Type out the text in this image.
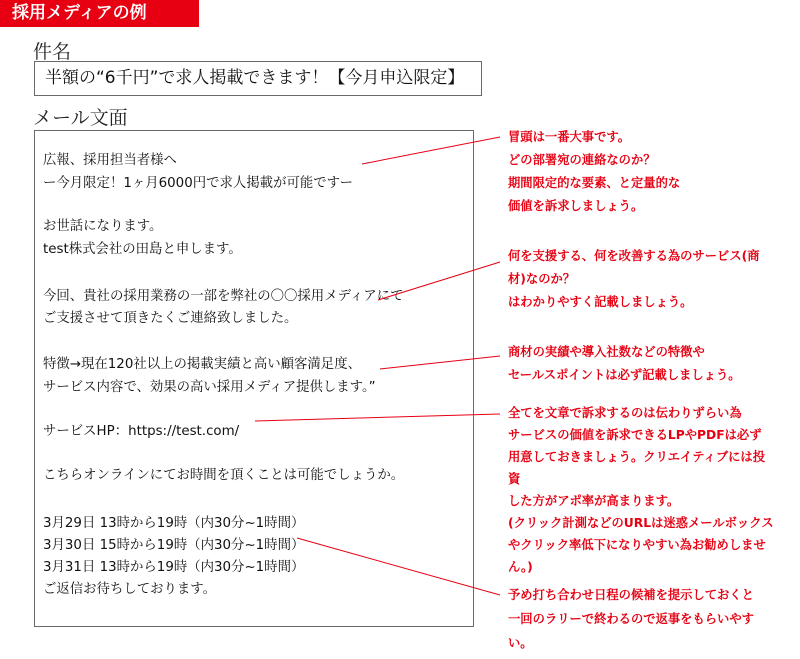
採用メディアの例
件名
半額の“6千円”で求人掲載できます！【今月申込限定】
メール文面
広報、採用担当者様へ
ー今月限定！1ヶ月6000円で求人掲載が可能ですー
お世話になります。
test株式会社の田島と申します。
今回、貴社の採用業務の一部を弊社の〇〇採用メディアにて
ご支援させて頂きたくご連絡致しました。
特徴→現在120社以上の掲載実績と高い顧客満足度、
サービス内容で、効果の高い採用メディア提供します。”
サービスHP：https://test.com/
こちらオンラインにてお時間を頂くことは可能でしょうか。
3月29日 13時から19時（内30分~1時間）
3月30日 15時から19時（内30分~1時間）
3月31日 13時から19時（内30分~1時間）
ご返信お待ちしております。
冒頭は一番大事です。
どの部署宛の連絡なのか？
期間限定的な要素、と定量的な
価値を訴求しましょう。
何を支援する、何を改善する為のサービス(商
材)なのか？
はわかりやすく記載しましょう。
商材の実績や導入社数などの特徴や
セールスポイントは必ず記載しましょう。
全てを文章で訴求するのは伝わりずらい為
サービスの価値を訴求できるLPやPDFは必ず
用意しておきましょう。クリエイティブには投
資
した方がアポ率が高まります。
(クリック計測などのURLは迷惑メールボックス
やクリック率低下になりやすい為お勧めしませ
ん。)
予め打ち合わせ日程の候補を提示しておくと
一回のラリーで終わるので返事をもらいやす
い。
